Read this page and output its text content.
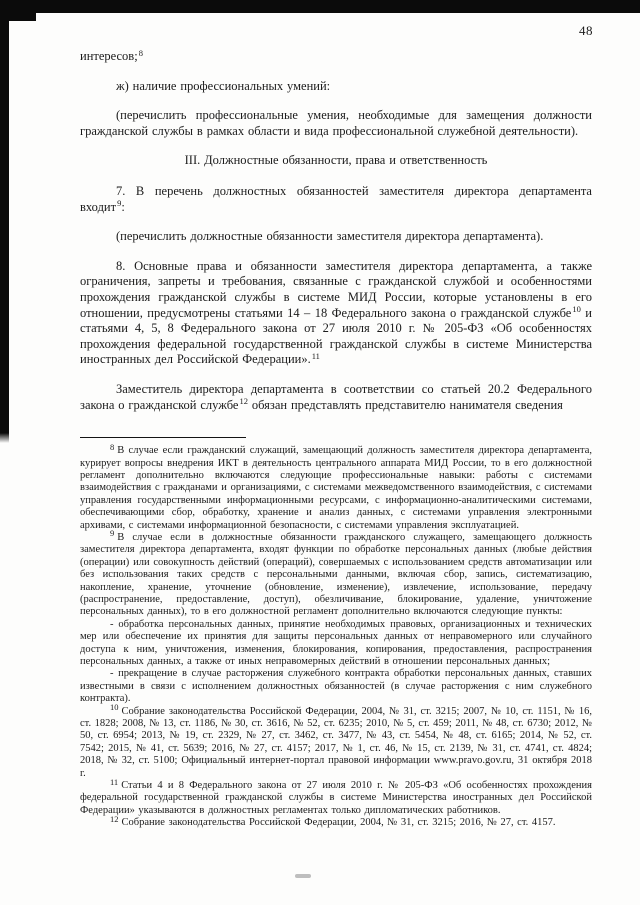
48

интересов;$^8$

ж) наличие профессиональных умений:

(перечислить профессиональные умения, необходимые для замещения должности гражданской службы в рамках области и вида профессиональной служебной деятельности).

III. Должностные обязанности, права и ответственность

7. В перечень должностных обязанностей заместителя директора департамента входит$^9$:

(перечислить должностные обязанности заместителя директора департамента).

8. Основные права и обязанности заместителя директора департамента, а также ограничения, запреты и требования, связанные с гражданской службой и особенностями прохождения гражданской службы в системе МИД России, которые установлены в его отношении, предусмотрены статьями 14 – 18 Федерального закона о гражданской службе$^{10}$ и статьями 4, 5, 8 Федерального закона от 27 июля 2010 г. № 205-ФЗ «Об особенностях прохождения федеральной государственной гражданской службы в системе Министерства иностранных дел Российской Федерации».$^{11}$

Заместитель директора департамента в соответствии со статьей 20.2 Федерального закона о гражданской службе$^{12}$ обязан представлять представителю нанимателя сведения

$^8$ В случае если гражданский служащий, замещающий должность заместителя директора департамента, курирует вопросы внедрения ИКТ в деятельность центрального аппарата МИД России, то в его должностной регламент дополнительно включаются следующие профессиональные навыки: работы с системами взаимодействия с гражданами и организациями, с системами межведомственного взаимодействия, с системами управления государственными информационными ресурсами, с информационно-аналитическими системами, обеспечивающими сбор, обработку, хранение и анализ данных, с системами управления электронными архивами, с системами информационной безопасности, с системами управления эксплуатацией.

$^9$ В случае если в должностные обязанности гражданского служащего, замещающего должность заместителя директора департамента, входят функции по обработке персональных данных (любые действия (операции) или совокупность действий (операций), совершаемых с использованием средств автоматизации или без использования таких средств с персональными данными, включая сбор, запись, систематизацию, накопление, хранение, уточнение (обновление, изменение), извлечение, использование, передачу (распространение, предоставление, доступ), обезличивание, блокирование, удаление, уничтожение персональных данных), то в его должностной регламент дополнительно включаются следующие пункты:

- обработка персональных данных, принятие необходимых правовых, организационных и технических мер или обеспечение их принятия для защиты персональных данных от неправомерного или случайного доступа к ним, уничтожения, изменения, блокирования, копирования, предоставления, распространения персональных данных, а также от иных неправомерных действий в отношении персональных данных;

- прекращение в случае расторжения служебного контракта обработки персональных данных, ставших известными в связи с исполнением должностных обязанностей (в случае расторжения с ним служебного контракта).

$^{10}$ Собрание законодательства Российской Федерации, 2004, № 31, ст. 3215; 2007, № 10, ст. 1151, № 16, ст. 1828; 2008, № 13, ст. 1186, № 30, ст. 3616, № 52, ст. 6235; 2010, № 5, ст. 459; 2011, № 48, ст. 6730; 2012, № 50, ст. 6954; 2013, № 19, ст. 2329, № 27, ст. 3462, ст. 3477, № 43, ст. 5454, № 48, ст. 6165; 2014, № 52, ст. 7542; 2015, № 41, ст. 5639; 2016, № 27, ст. 4157; 2017, № 1, ст. 46, № 15, ст. 2139, № 31, ст. 4741, ст. 4824; 2018, № 32, ст. 5100; Официальный интернет-портал правовой информации www.pravo.gov.ru, 31 октября 2018 г.

$^{11}$ Статьи 4 и 8 Федерального закона от 27 июля 2010 г. № 205-ФЗ «Об особенностях прохождения федеральной государственной гражданской службы в системе Министерства иностранных дел Российской Федерации» указываются в должностных регламентах только дипломатических работников.

$^{12}$ Собрание законодательства Российской Федерации, 2004, № 31, ст. 3215; 2016, № 27, ст. 4157.
